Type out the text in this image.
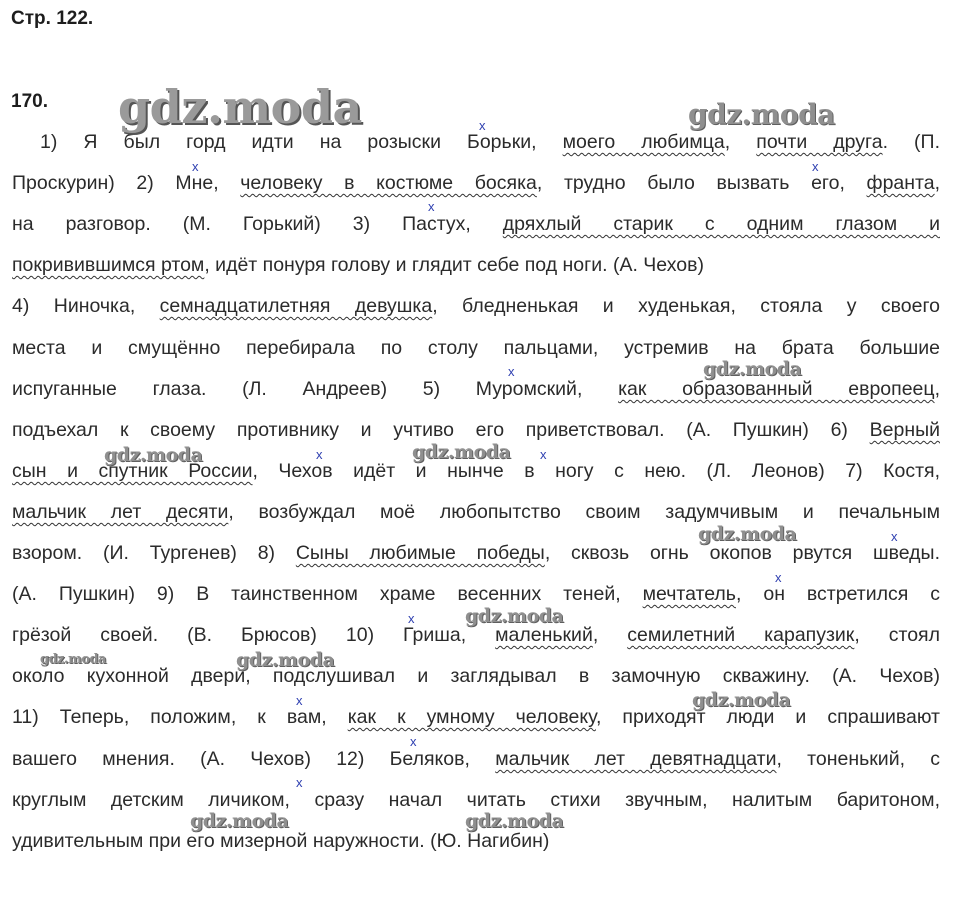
Стр. 122.
170.
1) Я был горд идти на розыски Борьки, моего любимца, почти друга. (П.
Проскурин) 2) Мне, человеку в костюме босяка, трудно было вызвать его, франта,
на разговор. (М. Горький) 3) Пастух, дряхлый старик с одним глазом и
покривившимся ртом, идёт понуря голову и глядит себе под ноги. (А. Чехов)
4) Ниночка, семнадцатилетняя девушка, бледненькая и худенькая, стояла у своего
места и смущённо перебирала по столу пальцами, устремив на брата большие
испуганные глаза. (Л. Андреев) 5) Муромский, как образованный европеец,
подъехал к своему противнику и учтиво его приветствовал. (А. Пушкин) 6) Верный
сын и спутник России, Чехов идёт и нынче в ногу с нею. (Л. Леонов) 7) Костя,
мальчик лет десяти, возбуждал моё любопытство своим задумчивым и печальным
взором. (И. Тургенев) 8) Сыны любимые победы, сквозь огнь окопов рвутся шведы.
(А. Пушкин) 9) В таинственном храме весенних теней, мечтатель, он встретился с
грёзой своей. (В. Брюсов) 10) Гриша, маленький, семилетний карапузик, стоял
около кухонной двери, подслушивал и заглядывал в замочную скважину. (А. Чехов)
11) Теперь, положим, к вам, как к умному человеку, приходят люди и спрашивают
вашего мнения. (А. Чехов) 12) Беляков, мальчик лет девятнадцати, тоненький, с
круглым детским личиком, сразу начал читать стихи звучным, налитым баритоном,
удивительным при его мизерной наружности. (Ю. Нагибин)
gdz.moda	gdz.moda
gdz.moda
gdz.moda	gdz.moda
gdz.moda
gdz.moda
gdz.moda	gdz.moda
gdz.moda
gdz.moda	gdz.moda
x
x	x
x
x
x	x
x
x
x
x
x
x
